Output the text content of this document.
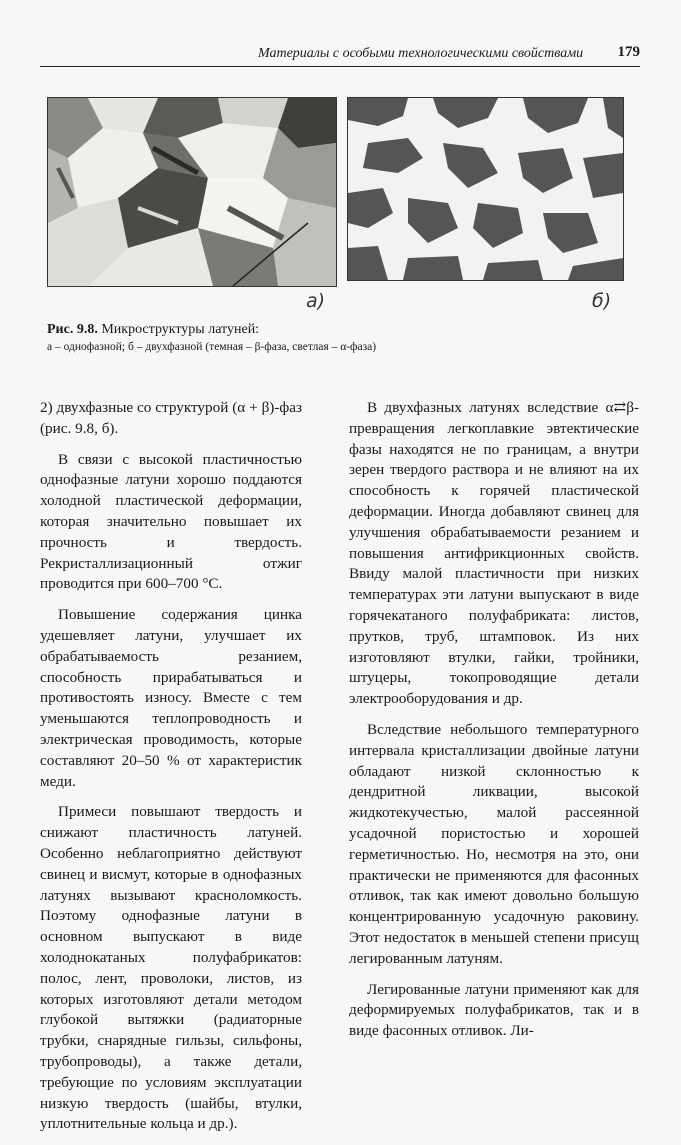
Материалы с особыми технологическими свойствами 179
a)	б)
Рис. 9.8. Микроструктуры латуней:
а – однофазной; б – двухфазной (темная – β-фаза, светлая – α-фаза)

2) двухфазные со структурой (α + β)-фаз (рис. 9.8, б).

В связи с высокой пластичностью однофазные латуни хорошо поддаются холодной пластической деформации, которая значительно повышает их прочность и твердость. Рекристаллизационный отжиг проводится при 600–700 °С.

Повышение содержания цинка удешевляет латуни, улучшает их обрабатываемость резанием, способность прирабатываться и противостоять износу. Вместе с тем уменьшаются теплопроводность и электрическая проводимость, которые составляют 20–50 % от характеристик меди.

Примеси повышают твердость и снижают пластичность латуней. Особенно неблагоприятно действуют свинец и висмут, которые в однофазных латунях вызывают красноломкость. Поэтому однофазные латуни в основном выпускают в виде холоднокатаных полуфабрикатов: полос, лент, проволоки, листов, из которых изготовляют детали методом глубокой вытяжки (радиаторные трубки, снарядные гильзы, сильфоны, трубопроводы), а также детали, требующие по условиям эксплуатации низкую твердость (шайбы, втулки, уплотнительные кольца и др.).

В двухфазных латунях вследствие α⇄β-превращения легкоплавкие эвтектические фазы находятся не по границам, а внутри зерен твердого раствора и не влияют на их способность к горячей пластической деформации. Иногда добавляют свинец для улучшения обрабатываемости резанием и повышения антифрикционных свойств. Ввиду малой пластичности при низких температурах эти латуни выпускают в виде горячекатаного полуфабриката: листов, прутков, труб, штамповок. Из них изготовляют втулки, гайки, тройники, штуцеры, токопроводящие детали электрооборудования и др.

Вследствие небольшого температурного интервала кристаллизации двойные латуни обладают низкой склонностью к дендритной ликвации, высокой жидкотекучестью, малой рассеянной усадочной пористостью и хорошей герметичностью. Но, несмотря на это, они практически не применяются для фасонных отливок, так как имеют довольно большую концентрированную усадочную раковину. Этот недостаток в меньшей степени присущ легированным латуням.

Легированные латуни применяют как для деформируемых полуфабрикатов, так и в виде фасонных отливок. Ли-
